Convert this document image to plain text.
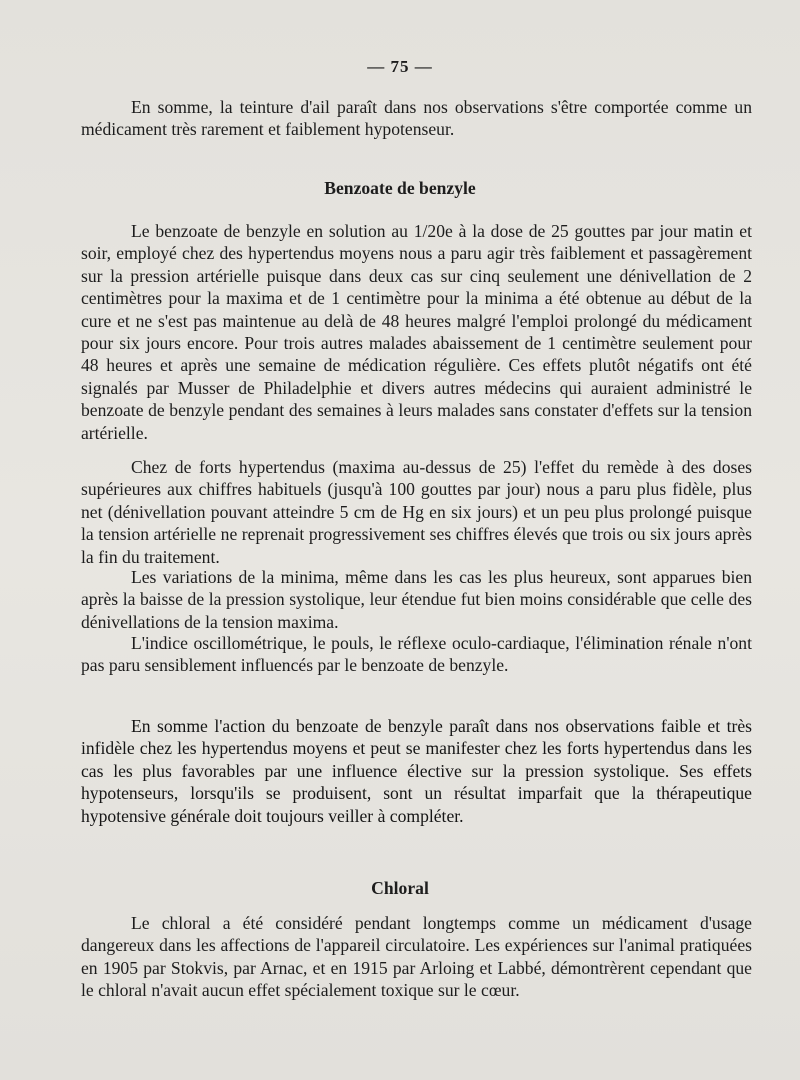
— 75 —

En somme, la teinture d'ail paraît dans nos observations s'être comportée comme un médicament très rarement et faiblement hypotenseur.

Benzoate de benzyle

Le benzoate de benzyle en solution au 1/20e à la dose de 25 gouttes par jour matin et soir, employé chez des hypertendus moyens nous a paru agir très faiblement et passagèrement sur la pression artérielle puisque dans deux cas sur cinq seulement une dénivellation de 2 centimètres pour la maxima et de 1 centimètre pour la minima a été obtenue au début de la cure et ne s'est pas maintenue au delà de 48 heures malgré l'emploi prolongé du médicament pour six jours encore. Pour trois autres malades abaissement de 1 centimètre seulement pour 48 heures et après une semaine de médication régulière. Ces effets plutôt négatifs ont été signalés par Musser de Philadelphie et divers autres médecins qui auraient administré le benzoate de benzyle pendant des semaines à leurs malades sans constater d'effets sur la tension artérielle.

Chez de forts hypertendus (maxima au-dessus de 25) l'effet du remède à des doses supérieures aux chiffres habituels (jusqu'à 100 gouttes par jour) nous a paru plus fidèle, plus net (dénivellation pouvant atteindre 5 cm de Hg en six jours) et un peu plus prolongé puisque la tension artérielle ne reprenait progressivement ses chiffres élevés que trois ou six jours après la fin du traitement.

Les variations de la minima, même dans les cas les plus heureux, sont apparues bien après la baisse de la pression systolique, leur étendue fut bien moins considérable que celle des dénivellations de la tension maxima.

L'indice oscillométrique, le pouls, le réflexe oculo-cardiaque, l'élimination rénale n'ont pas paru sensiblement influencés par le benzoate de benzyle.

En somme l'action du benzoate de benzyle paraît dans nos observations faible et très infidèle chez les hypertendus moyens et peut se manifester chez les forts hypertendus dans les cas les plus favorables par une influence élective sur la pression systolique. Ses effets hypotenseurs, lorsqu'ils se produisent, sont un résultat imparfait que la thérapeutique hypotensive générale doit toujours veiller à compléter.

Chloral

Le chloral a été considéré pendant longtemps comme un médicament d'usage dangereux dans les affections de l'appareil circulatoire. Les expériences sur l'animal pratiquées en 1905 par Stokvis, par Arnac, et en 1915 par Arloing et Labbé, démontrèrent cependant que le chloral n'avait aucun effet spécialement toxique sur le cœur.
